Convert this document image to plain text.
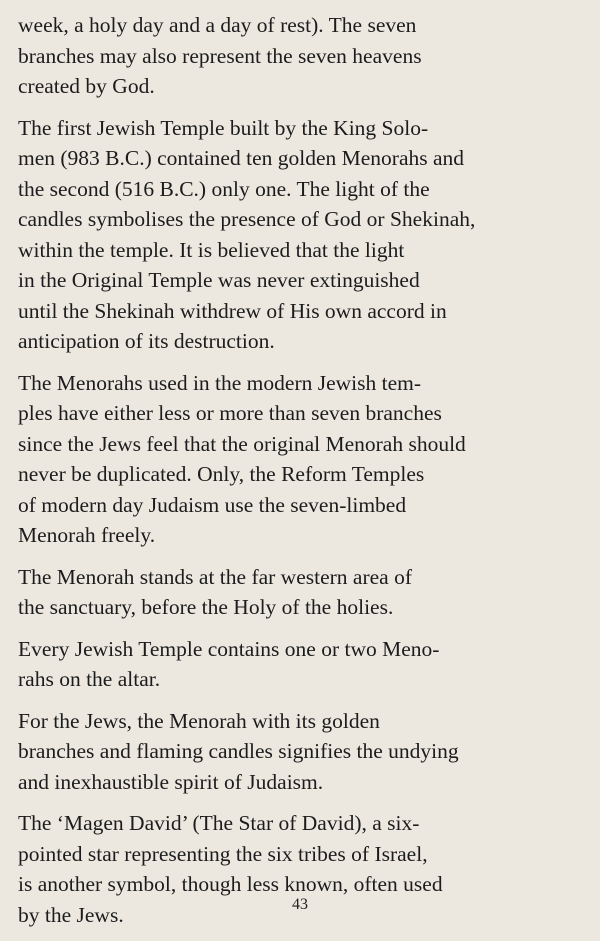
week, a holy day and a day of rest). The seven
branches may also represent the seven heavens
created by God.

The first Jewish Temple built by the King Solo-
men (983 B.C.) contained ten golden Menorahs and
the second (516 B.C.) only one. The light of the
candles symbolises the presence of God or Shekinah,
within the temple. It is believed that the light
in the Original Temple was never extinguished
until the Shekinah withdrew of His own accord in
anticipation of its destruction.

The Menorahs used in the modern Jewish tem-
ples have either less or more than seven branches
since the Jews feel that the original Menorah should
never be duplicated. Only, the Reform Temples
of modern day Judaism use the seven-limbed
Menorah freely.

The Menorah stands at the far western area of
the sanctuary, before the Holy of the holies.

Every Jewish Temple contains one or two Meno-
rahs on the altar.

For the Jews, the Menorah with its golden
branches and flaming candles signifies the undying
and inexhaustible spirit of Judaism.

The ‘Magen David’ (The Star of David), a six-
pointed star representing the six tribes of Israel,
is another symbol, though less known, often used
by the Jews.	43
